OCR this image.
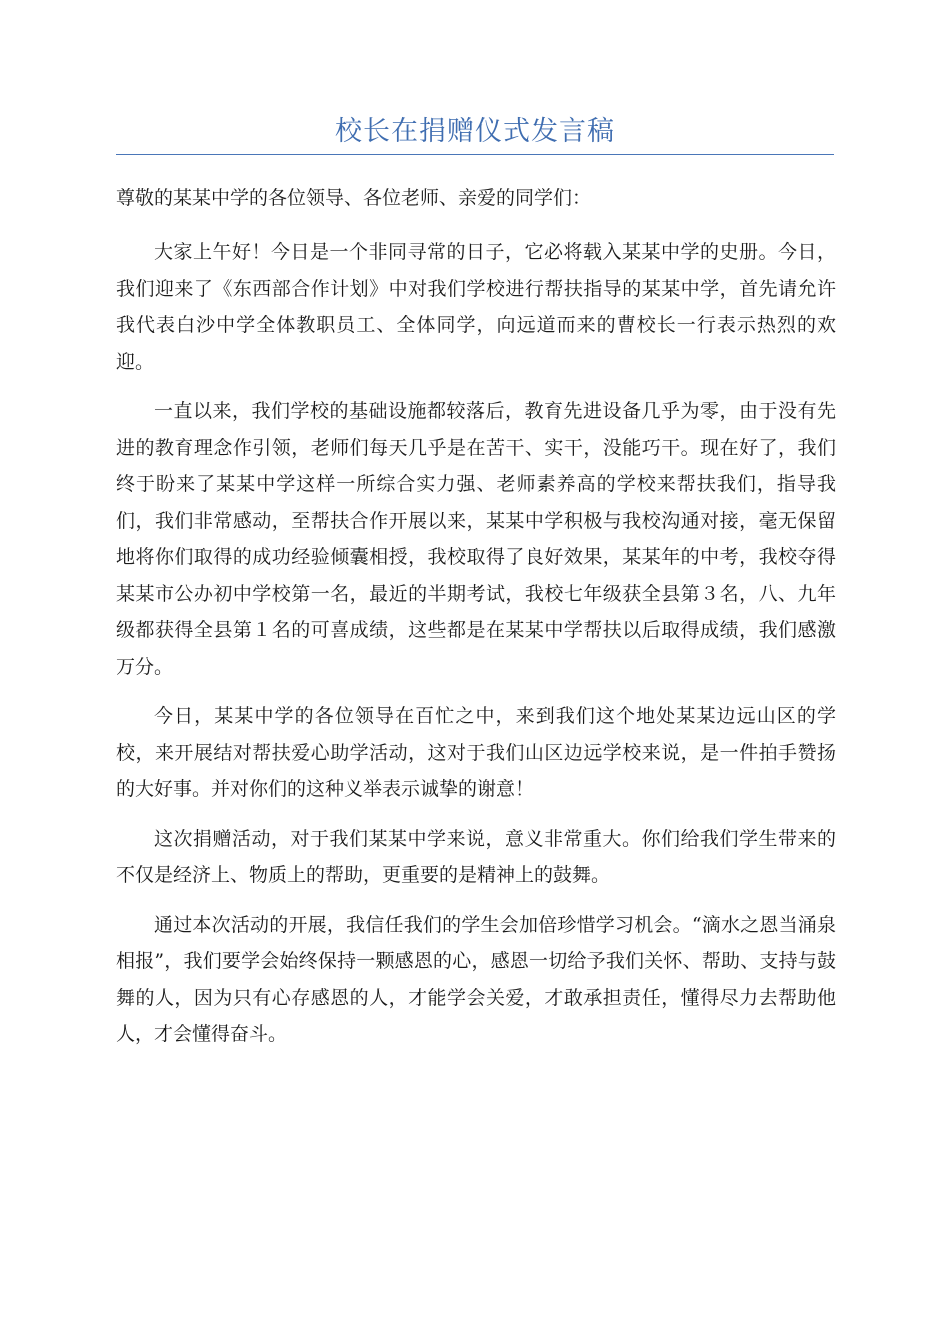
校长在捐赠仪式发言稿

尊敬的某某中学的各位领导、各位老师、亲爱的同学们：

大家上午好！今日是一个非同寻常的日子，它必将载入某某中学的史册。今日，我们迎来了《东西部合作计划》中对我们学校进行帮扶指导的某某中学，首先请允许我代表白沙中学全体教职员工、全体同学，向远道而来的曹校长一行表示热烈的欢迎。

一直以来，我们学校的基础设施都较落后，教育先进设备几乎为零，由于没有先进的教育理念作引领，老师们每天几乎是在苦干、实干，没能巧干。现在好了，我们终于盼来了某某中学这样一所综合实力强、老师素养高的学校来帮扶我们，指导我们，我们非常感动，至帮扶合作开展以来，某某中学积极与我校沟通对接，毫无保留地将你们取得的成功经验倾囊相授，我校取得了良好效果，某某年的中考，我校夺得某某市公办初中学校第一名，最近的半期考试，我校七年级获全县第３名，八、九年级都获得全县第１名的可喜成绩，这些都是在某某中学帮扶以后取得成绩，我们感激万分。

今日，某某中学的各位领导在百忙之中，来到我们这个地处某某边远山区的学校，来开展结对帮扶爱心助学活动，这对于我们山区边远学校来说，是一件拍手赞扬的大好事。并对你们的这种义举表示诚挚的谢意！

这次捐赠活动，对于我们某某中学来说，意义非常重大。你们给我们学生带来的不仅是经济上、物质上的帮助，更重要的是精神上的鼓舞。

通过本次活动的开展，我信任我们的学生会加倍珍惜学习机会。“滴水之恩当涌泉相报”，我们要学会始终保持一颗感恩的心，感恩一切给予我们关怀、帮助、支持与鼓舞的人，因为只有心存感恩的人，才能学会关爱，才敢承担责任，懂得尽力去帮助他人，才会懂得奋斗。
